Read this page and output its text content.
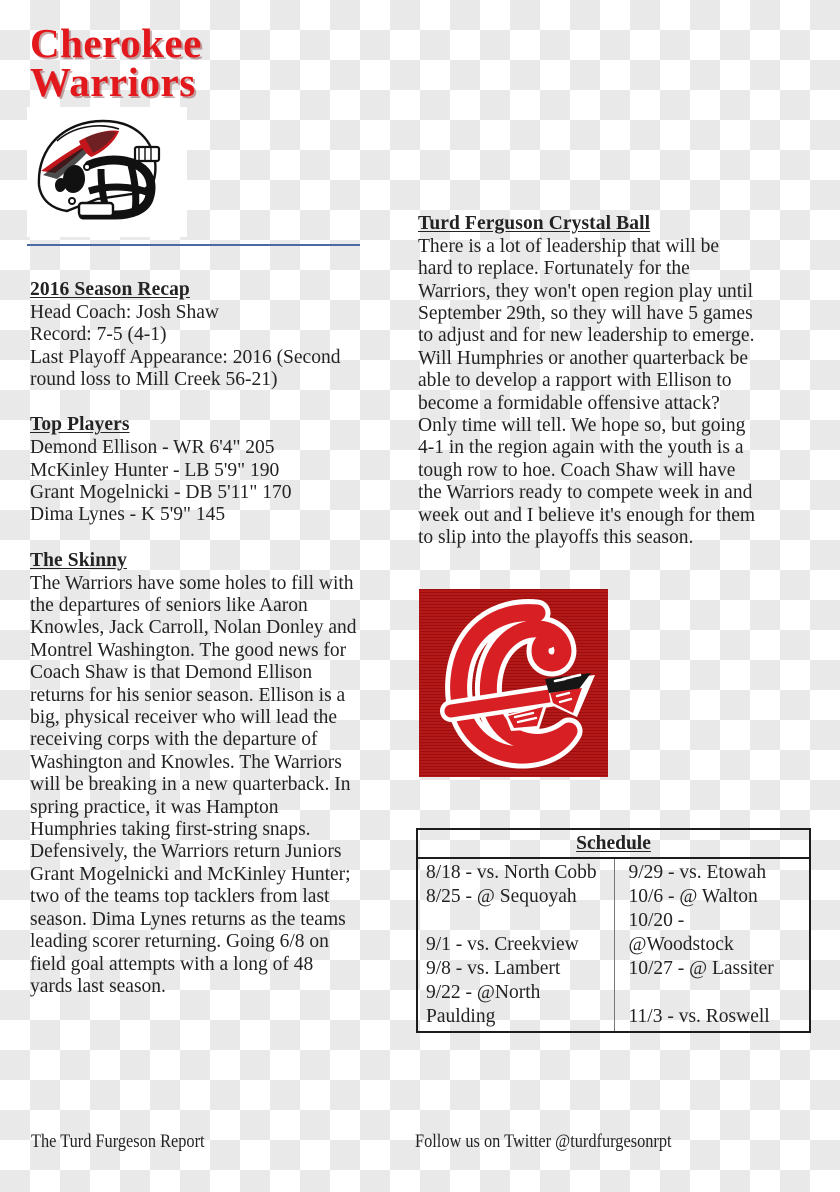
Cherokee
Warriors
2016 Season Recap

Head Coach: Josh Shaw

Record: 7-5 (4-1)

Last Playoff Appearance: 2016 (Second round loss to Mill Creek 56-21)

Top Players

Demond Ellison - WR 6'4" 205

McKinley Hunter - LB 5'9" 190

Grant Mogelnicki - DB 5'11" 170

Dima Lynes - K 5'9" 145

The Skinny

The Warriors have some holes to fill with the departures of seniors like Aaron Knowles, Jack Carroll, Nolan Donley and Montrel Washington. The good news for Coach Shaw is that Demond Ellison returns for his senior season. Ellison is a big, physical receiver who will lead the receiving corps with the departure of Washington and Knowles. The Warriors will be breaking in a new quarterback. In spring practice, it was Hampton Humphries taking first-string snaps. Defensively, the Warriors return Juniors Grant Mogelnicki and McKinley Hunter; two of the teams top tacklers from last season. Dima Lynes returns as the teams leading scorer returning. Going 6/8 on field goal attempts with a long of 48 yards last season.

Turd Ferguson Crystal Ball

There is a lot of leadership that will be hard to replace. Fortunately for the Warriors, they won't open region play until September 29th, so they will have 5 games to adjust and for new leadership to emerge. Will Humphries or another quarterback be able to develop a rapport with Ellison to become a formidable offensive attack? Only time will tell. We hope so, but going 4-1 in the region again with the youth is a tough row to hoe. Coach Shaw will have the Warriors ready to compete week in and week out and I believe it's enough for them to slip into the playoffs this season.

Schedule
8/18 - vs. North Cobb
8/25 - @ Sequoyah
9/1 - vs. Creekview
9/8 - vs. Lambert
9/22 - @North
Paulding
9/29 - vs. Etowah
10/6 - @ Walton
10/20 -
@Woodstock
10/27 - @ Lassiter
11/3 - vs. Roswell
The Turd Furgeson Report	Follow us on Twitter @turdfurgesonrpt
